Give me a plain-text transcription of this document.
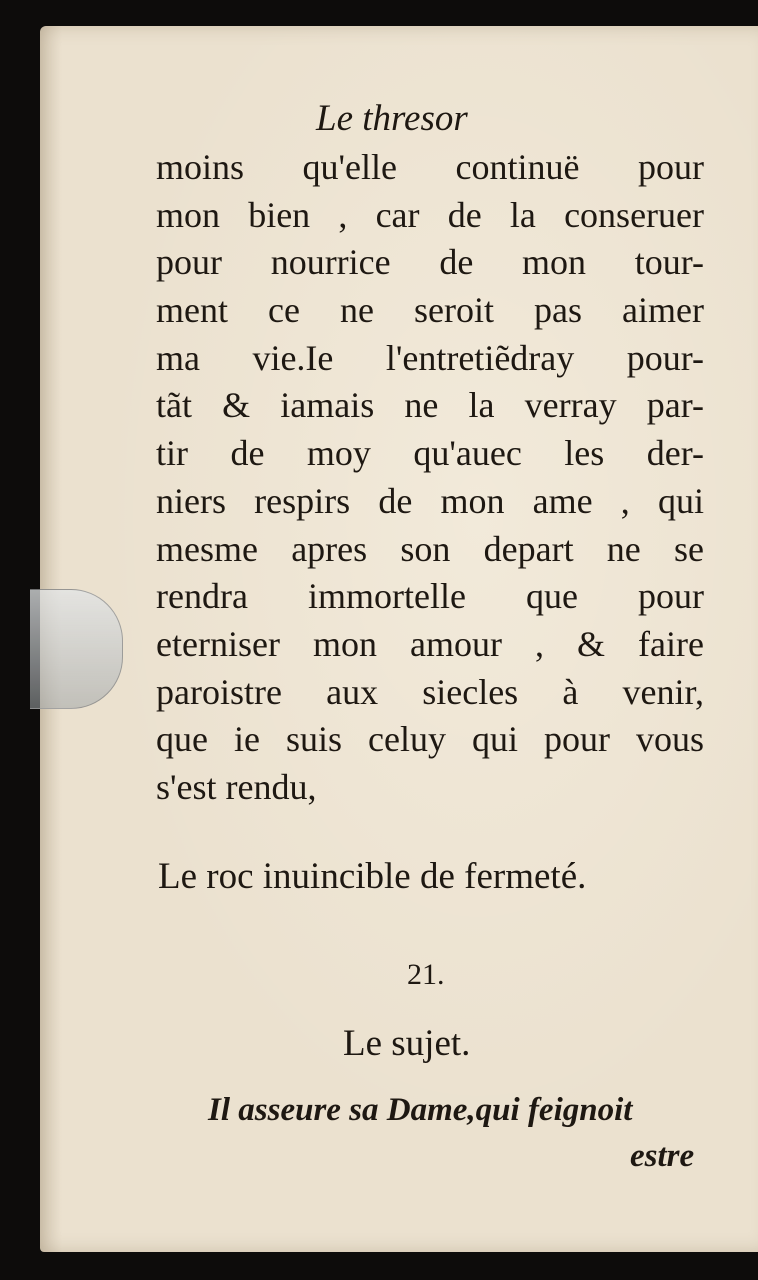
Le thresor
moins qu'elle continuë pour
mon bien , car de la conseruer
pour nourrice de mon tour-
ment ce ne seroit pas aimer
ma vie.Ie l'entretiẽdray pour-
tãt & iamais ne la verray par-
tir de moy qu'auec les der-
niers respirs de mon ame , qui
mesme apres son depart ne se
rendra immortelle que pour
eterniser mon amour , & faire
paroistre aux siecles à venir,
que ie suis celuy qui pour vous
s'est rendu,
Le roc inuincible de fermeté.
21.
Le sujet.
Il asseure sa Dame,qui feignoit
estre
